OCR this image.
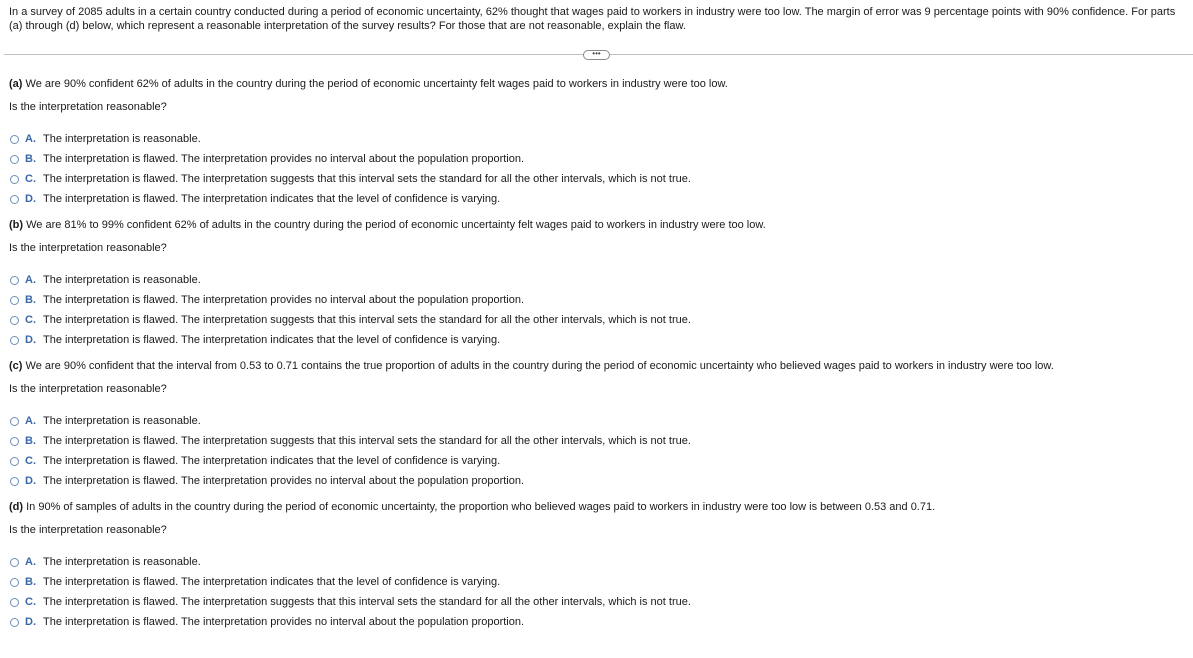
In a survey of 2085 adults in a certain country conducted during a period of economic uncertainty, 62% thought that wages paid to workers in industry were too low. The margin of error was 9 percentage points with 90% confidence. For parts (a) through (d) below, which represent a reasonable interpretation of the survey results? For those that are not reasonable, explain the flaw.
•••
(a) We are 90% confident 62% of adults in the country during the period of economic uncertainty felt wages paid to workers in industry were too low.
Is the interpretation reasonable?
A. The interpretation is reasonable.
B. The interpretation is flawed. The interpretation provides no interval about the population proportion.
C. The interpretation is flawed. The interpretation suggests that this interval sets the standard for all the other intervals, which is not true.
D. The interpretation is flawed. The interpretation indicates that the level of confidence is varying.
(b) We are 81% to 99% confident 62% of adults in the country during the period of economic uncertainty felt wages paid to workers in industry were too low.
Is the interpretation reasonable?
A. The interpretation is reasonable.
B. The interpretation is flawed. The interpretation provides no interval about the population proportion.
C. The interpretation is flawed. The interpretation suggests that this interval sets the standard for all the other intervals, which is not true.
D. The interpretation is flawed. The interpretation indicates that the level of confidence is varying.
(c) We are 90% confident that the interval from 0.53 to 0.71 contains the true proportion of adults in the country during the period of economic uncertainty who believed wages paid to workers in industry were too low.
Is the interpretation reasonable?
A. The interpretation is reasonable.
B. The interpretation is flawed. The interpretation suggests that this interval sets the standard for all the other intervals, which is not true.
C. The interpretation is flawed. The interpretation indicates that the level of confidence is varying.
D. The interpretation is flawed. The interpretation provides no interval about the population proportion.
(d) In 90% of samples of adults in the country during the period of economic uncertainty, the proportion who believed wages paid to workers in industry were too low is between 0.53 and 0.71.
Is the interpretation reasonable?
A. The interpretation is reasonable.
B. The interpretation is flawed. The interpretation indicates that the level of confidence is varying.
C. The interpretation is flawed. The interpretation suggests that this interval sets the standard for all the other intervals, which is not true.
D. The interpretation is flawed. The interpretation provides no interval about the population proportion.
